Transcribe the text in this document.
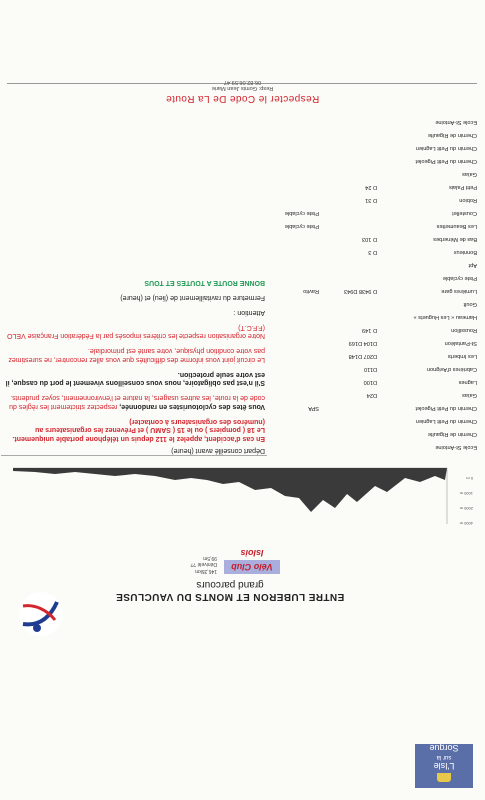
L'Isle
sur la
Sorgue
ENTRE LUBERON ET MONTS DU VAUCLUSE
grand parcours
Vélo Club Islois
146,35km
Dénivelé ??
99,5m
4000 m
2000 m
1000 m
0 m
Ecole St-Antoine
Chemin de Rigaulte
Chemin du Petit Lagnien
Chemin du Petit Pigeolet
SPA
Gaïas
D24
Lagnes
D100
Cabrières d'Avignon
D110
Les Imberts
D207 D148
St-Pantaléon
D104 D169
Roussillon
D 149
Hameau « Les Huguets »
Goult
Lumières gare
D 9438 D943
Ravito
Piste cyclable
Apt
Bonnieux
D 3
Bas de Ménerbes
D 103
Les Beaumettes
Piste cyclable
Coustellet
Piste cyclable
Robion
D 31
Petit Palais
D 24
Gaïas
Chemin du Petit Pigeolet
Chemin du Petit Lagnien
Chemin de Rigaulte
Ecole St-Antoine
Départ conseillé avant (heure)
En cas d'accident, appelez le 112 depuis un téléphone portable uniquement. Le 18 ( pompiers ) ou le 15 ( SAMU ) et Prévenez les organisateurs au (numéros des organisateurs à contacter)
Vous êtes des cyclotouristes en randonnée, respectez strictement les règles du code de la route, les autres usagers, la nature et l'environnement, soyez prudents.
S'il n'est pas obligatoire, nous vous conseillons vivement le port du casque, il est votre seule protection.
Le circuit joint vous informe des difficultés que vous allez rencontrer, ne surestimez pas votre condition physique, votre santé est primordiale.
Notre organisation respecte les critères imposés par la Fédération Française VELO (F.F.C.T)
Attention :
Fermeture du ravitaillement de (lieu) et (heure)
BONNE ROUTE A TOUTES ET TOUS
Respecter le Code De La Route
Resp: Gomis Jean Marie
06.82.06.59.47
